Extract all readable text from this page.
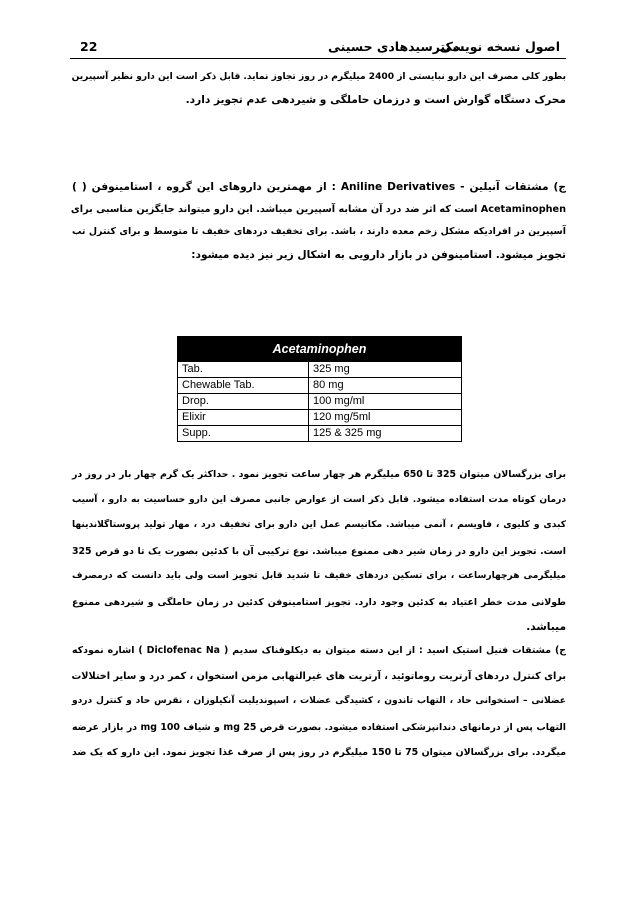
22	دکترسیدهادی حسینی
اصول نسخه نویسی
بطور کلی مصرف این دارو نبایستی از 2400 میلیگرم در روز تجاوز نماید. قابل ذکر است این دارو نظیر آسپیرین
محرک دستگاه گوارش است و درزمان حاملگی و شیردهی عدم تجویز دارد.
ج) مشتقات آنیلین - Aniline Derivatives : از مهمترین داروهای این گروه ، استامینوفن ( )
Acetaminophen است که اثر ضد درد آن مشابه آسپیرین میباشد. این دارو میتواند جایگزین مناسبی برای
آسپیرین در افرادیکه مشکل زخم معده دارند ، باشد. برای تخفیف دردهای خفیف تا متوسط و برای کنترل تب
تجویز میشود. استامینوفن در بازار دارویی به اشکال زیر نیز دیده میشود:
Acetaminophen	
Tab.	325 mg
Chewable Tab.	80 mg
Drop.	100 mg/ml
Elixir	120 mg/5ml
Supp.	125 & 325 mg
برای بزرگسالان میتوان 325 تا 650 میلیگرم هر چهار ساعت تجویز نمود . حداکثر یک گرم چهار بار در روز در
درمان کوتاه مدت استفاده میشود. قابل ذکر است از عوارض جانبی مصرف این دارو حساسیت به دارو ، آسیب
کبدی و کلیوی ، فاویسم ، آنمی میباشد. مکانیسم عمل این دارو برای تخفیف درد ، مهار تولید پروستاگلاندینها
است. تجویز این دارو در زمان شیر دهی ممنوع میباشد. نوع ترکیبی آن با کدئین بصورت یک تا دو قرص 325
میلیگرمی هرچهارساعت ، برای تسکین دردهای خفیف تا شدید قابل تجویز است ولی باید دانست که درمصرف
طولانی مدت خطر اعتیاد به کدئین وجود دارد. تجویز استامینوفن کدئین در زمان حاملگی و شیردهی ممنوع
میباشد.
ج) مشتقات فنیل استیک اسید : از این دسته میتوان به دیکلوفناک سدیم ( Diclofenac Na ) اشاره نمودکه
برای کنترل دردهای آرتریت روماتوئید ، آرتریت های غیرالتهابی مزمن استخوان ، کمر درد و سایر اختلالات
عضلانی – استخوانی حاد ، التهاب تاندون ، کشیدگی عضلات ، اسپوندیلیت آنکیلوزان ، نقرس حاد و کنترل دردو
التهاب پس از درمانهای دندانپزشکی استفاده میشود. بصورت قرص 25 mg و شیاف 100 mg در بازار عرضه
میگردد. برای بزرگسالان میتوان 75 تا 150 میلیگرم در روز پس از صرف غذا تجویز نمود. این دارو که یک ضد
